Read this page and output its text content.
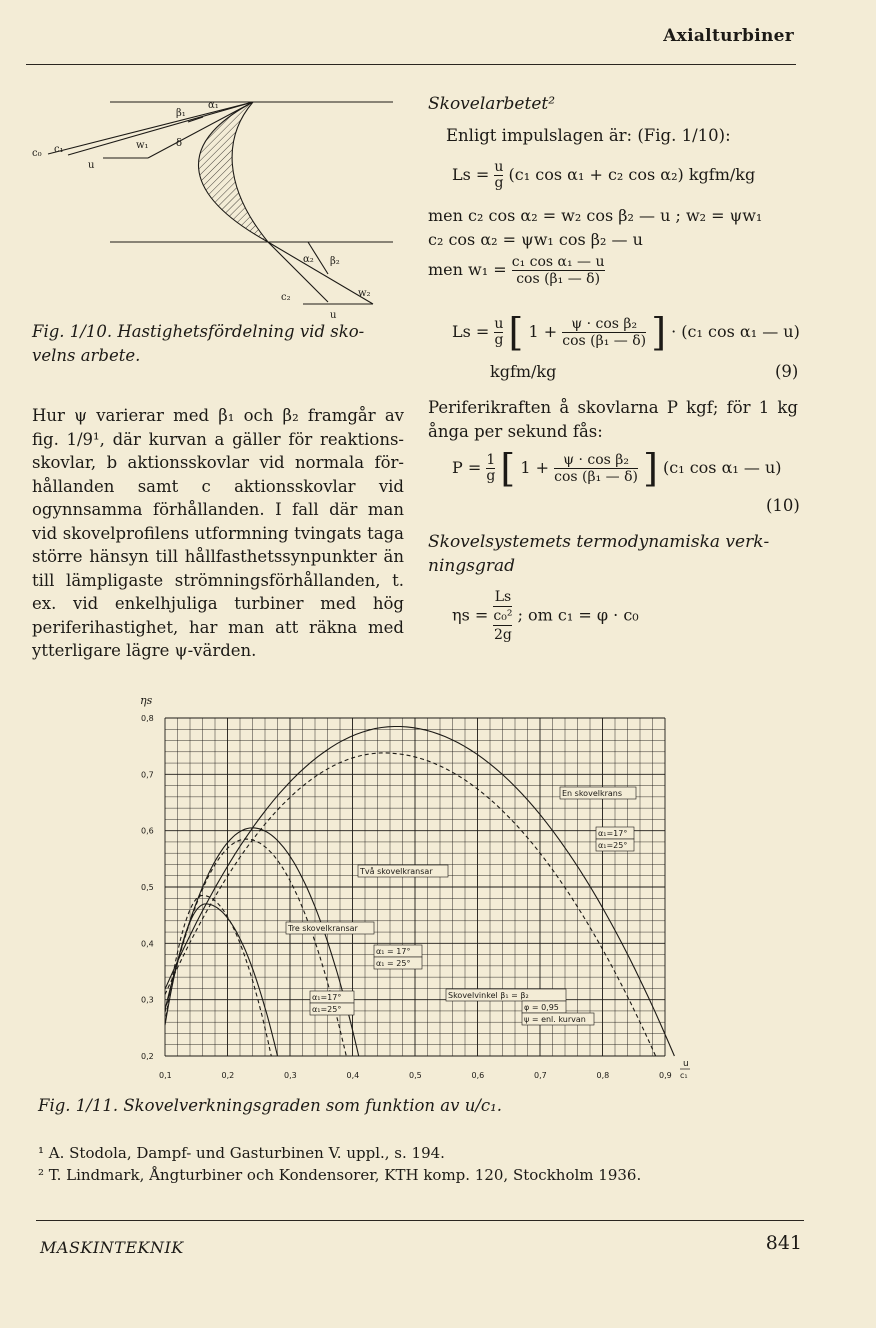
Axialturbiner
c₀ c₁
u
w₁
β₁
α₁
δ
α₂ β₂
c₂	w₂
u
Fig. 1/10. Hastighetsfördelning vid skovelns arbete.
Hur ψ varierar med β₁ och β₂ framgår av fig. 1/9¹, där kurvan a gäller för reaktionsskovlar, b aktionsskovlar vid normala förhållanden samt c aktionsskovlar vid ogynnsamma förhållanden. I fall där man vid skovelprofilens utformning tvingats taga större hänsyn till hållfasthetssynpunkter än till lämpligaste strömningsförhållanden, t. ex. vid enkelhjuliga turbiner med hög periferihastighet, har man att räkna med ytterligare lägre ψ-värden.
Skovelarbetet²
Enligt impulslagen är: (Fig. 1/10):
$Ls = \frac{u}{g} (c_1$ cos α₁ + c₂ cos α₂) kgfm/kg
men c₂ cos α₂ = w₂ cos β₂ — u ; w₂ = ψw₁
c₂ cos α₂ = ψw₁ cos β₂ — u
men $w_1 = \frac{\text{c₁ cos α₁ — u}}{\text{cos (β₁ — δ)}}$
$Ls = \frac{u}{g}$ [ $1 + \frac{\text{ψ · cos β₂}}{\text{cos (β₁ — δ)}}$ ] · (c₁ cos α₁ — u)
kgfm/kg	(9)
Periferikraften å skovlarna P kgf; för 1 kg ånga per sekund fås:
$P = \frac{1}{g}$ [ $1 + \frac{\text{ψ · cos β₂}}{\text{cos (β₁ — δ)}}$ ] (c₁ cos α₁ — u)
(10)
Skovelsystemets termodynamiska verkningsgrad
ηs =
Ls
c₀²
2g
; om c₁ = φ · c₀
0,2
0,3
0,4
0,5
0,6
0,7
0,8
0,1	0,2	0,3	0,4	0,5	0,6	0,7	0,8	0,9
ηs
u
c₁
En skovelkrans
α₁=17°
α₁=25°
Två skovelkransar
Tre skovelkransar
α₁ = 17°
α₁ = 25°
α₁=17°
α₁=25°
Skovelvinkel β₁ = β₂
φ = 0,95
ψ = enl. kurvan
Fig. 1/11. Skovelverkningsgraden som funktion av u/c₁.
¹ A. Stodola, Dampf- und Gasturbinen V. uppl., s. 194.
² T. Lindmark, Ångturbiner och Kondensorer, KTH komp. 120, Stockholm 1936.
MASKINTEKNIK	841
